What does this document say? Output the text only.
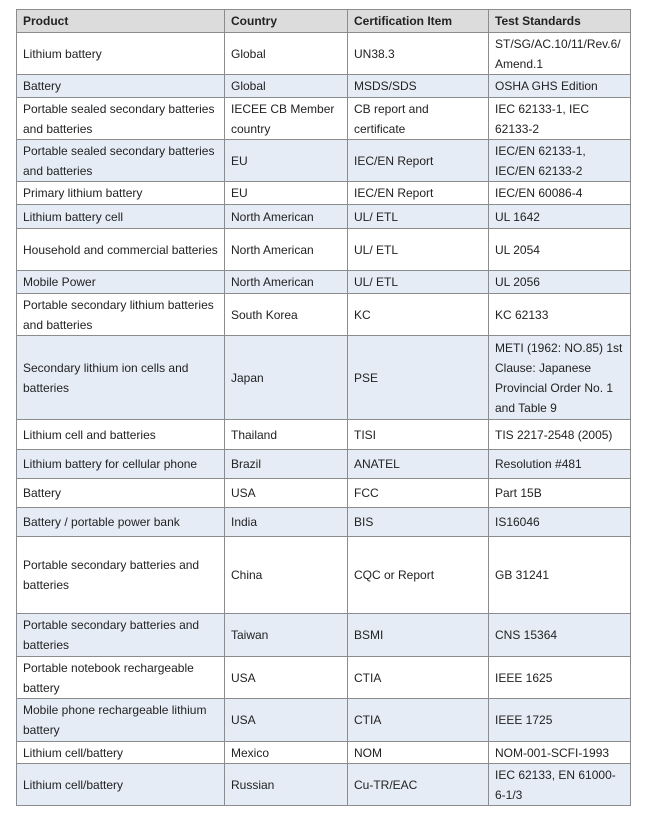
Product	Country	Certification Item	Test Standards
Lithium battery	Global	UN38.3	ST/SG/AC.10/11/Rev.6/ Amend.1
Battery	Global	MSDS/SDS	OSHA GHS Edition
Portable sealed secondary batteries and batteries	IECEE CB Member country	CB report and certificate	IEC 62133-1, IEC 62133-2
Portable sealed secondary batteries and batteries	EU	IEC/EN Report	IEC/EN 62133-1, IEC/EN 62133-2
Primary lithium battery	EU	IEC/EN Report	IEC/EN 60086-4
Lithium battery cell	North American	UL/ ETL	UL 1642
Household and commercial batteries	North American	UL/ ETL	UL 2054
Mobile Power	North American	UL/ ETL	UL 2056
Portable secondary lithium batteries and batteries	South Korea	KC	KC 62133
Secondary lithium ion cells and batteries	Japan	PSE	METI (1962: NO.85) 1st Clause: Japanese Provincial Order No. 1 and Table 9
Lithium cell and batteries	Thailand	TISI	TIS 2217-2548 (2005)
Lithium battery for cellular phone	Brazil	ANATEL	Resolution #481
Battery	USA	FCC	Part 15B
Battery / portable power bank	India	BIS	IS16046
Portable secondary batteries and batteries	China	CQC or Report	GB 31241
Portable secondary batteries and batteries	Taiwan	BSMI	CNS 15364
Portable notebook rechargeable battery	USA	CTIA	IEEE 1625
Mobile phone rechargeable lithium battery	USA	CTIA	IEEE 1725
Lithium cell/battery	Mexico	NOM	NOM-001-SCFI-1993
Lithium cell/battery	Russian	Cu-TR/EAC	IEC 62133, EN 61000-6-1/3
